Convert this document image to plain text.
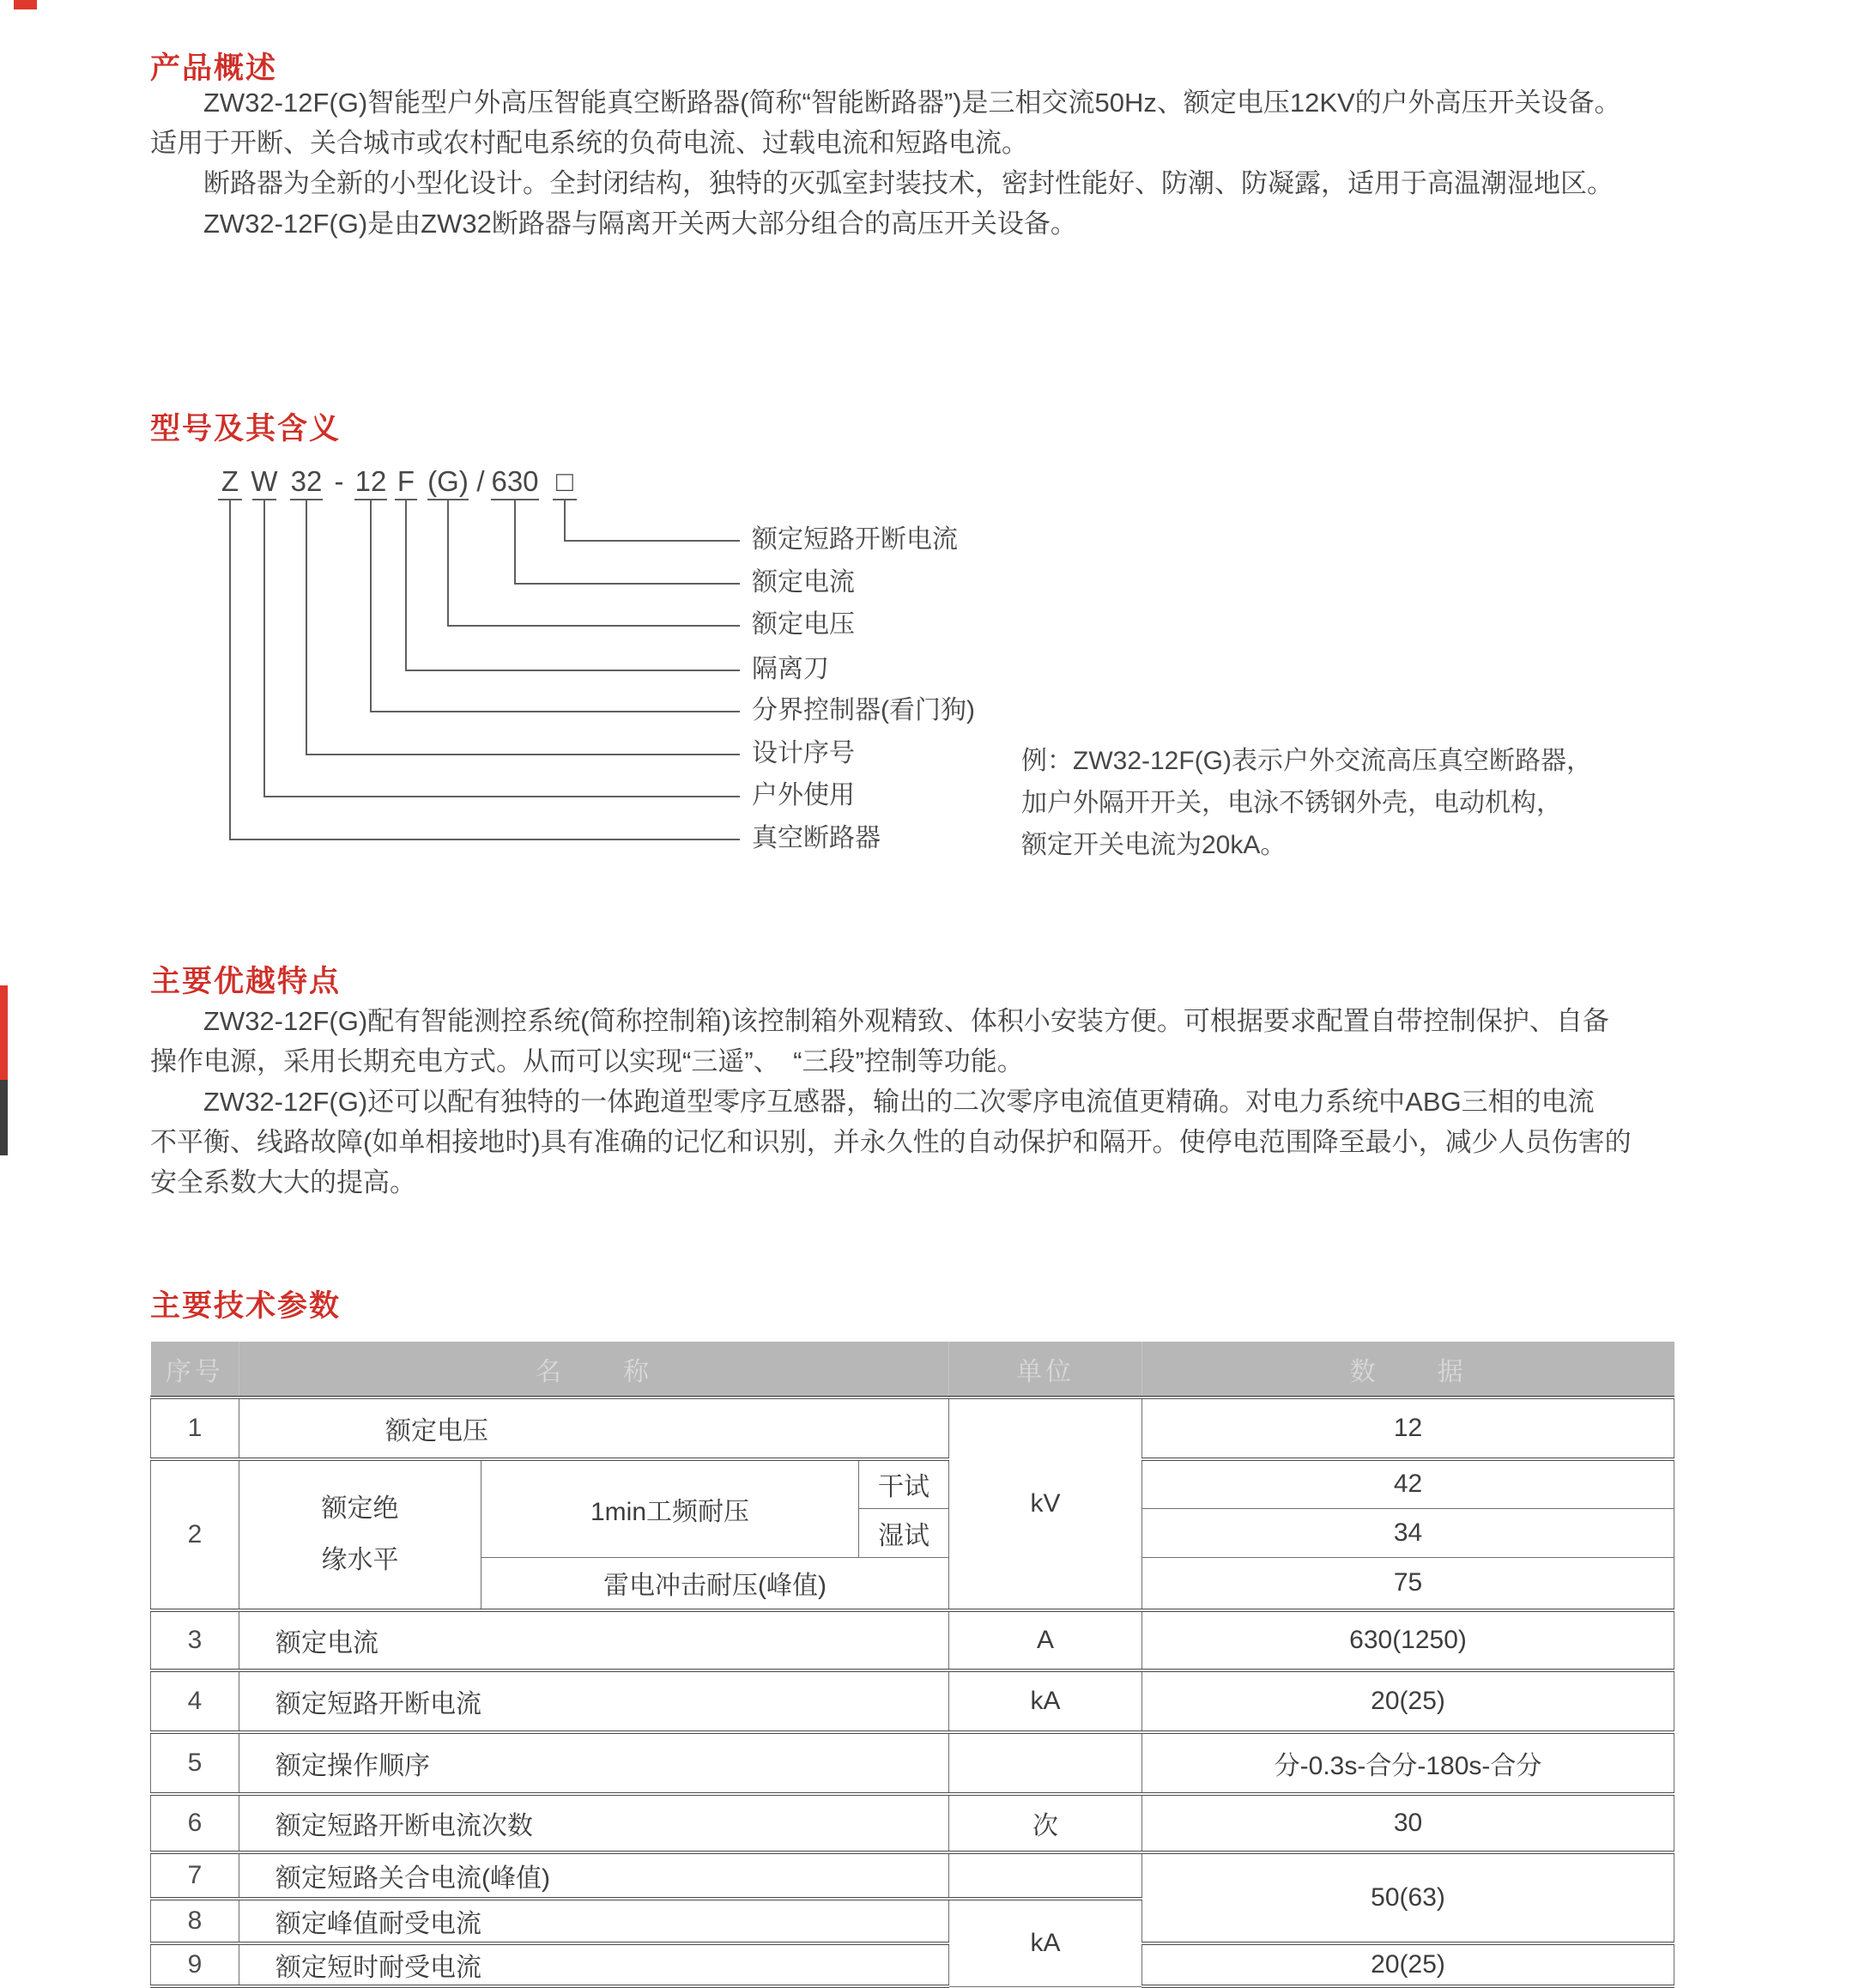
产品概述
ZW32-12F(G)智能型户外高压智能真空断路器(简称“智能断路器”)是三相交流50Hz、额定电压12KV的户外高压开关设备。
适用于开断、关合城市或农村配电系统的负荷电流、过载电流和短路电流。
断路器为全新的小型化设计。全封闭结构，独特的灭弧室封装技术，密封性能好、防潮、防凝露，适用于高温潮湿地区。
ZW32-12F(G)是由ZW32断路器与隔离开关两大部分组合的高压开关设备。
型号及其含义
Z W 32 - 12 F (G) / 630 □
额定短路开断电流
额定电流
额定电压
隔离刀
分界控制器(看门狗)
设计序号
户外使用
真空断路器
例：ZW32-12F(G)表示户外交流高压真空断路器，
加户外隔开开关，电泳不锈钢外壳，电动机构，
额定开关电流为20kA。
主要优越特点
ZW32-12F(G)配有智能测控系统(简称控制箱)该控制箱外观精致、体积小安装方便。可根据要求配置自带控制保护、自备
操作电源，采用长期充电方式。从而可以实现“三遥”、　“三段”控制等功能。
ZW32-12F(G)还可以配有独特的一体跑道型零序互感器，输出的二次零序电流值更精确。对电力系统中ABG三相的电流
不平衡、线路故障(如单相接地时)具有准确的记忆和识别，并永久性的自动保护和隔开。使停电范围降至最小，减少人员伤害的
安全系数大大的提高。
主要技术参数
序号	名　　称			单位	数　　据
1	额定电压			kV	12
2	额定绝
缘水平	1min工频耐压	干试		42
			湿试		34
		雷电冲击耐压(峰值)			75
3	额定电流			A	630(1250)
4	额定短路开断电流			kA	20(25)
5	额定操作顺序				分-0.3s-合分-180s-合分
6	额定短路开断电流次数			次	30
7	额定短路关合电流(峰值)				50(63)
8	额定峰值耐受电流			kA	
9	额定短时耐受电流				20(25)
